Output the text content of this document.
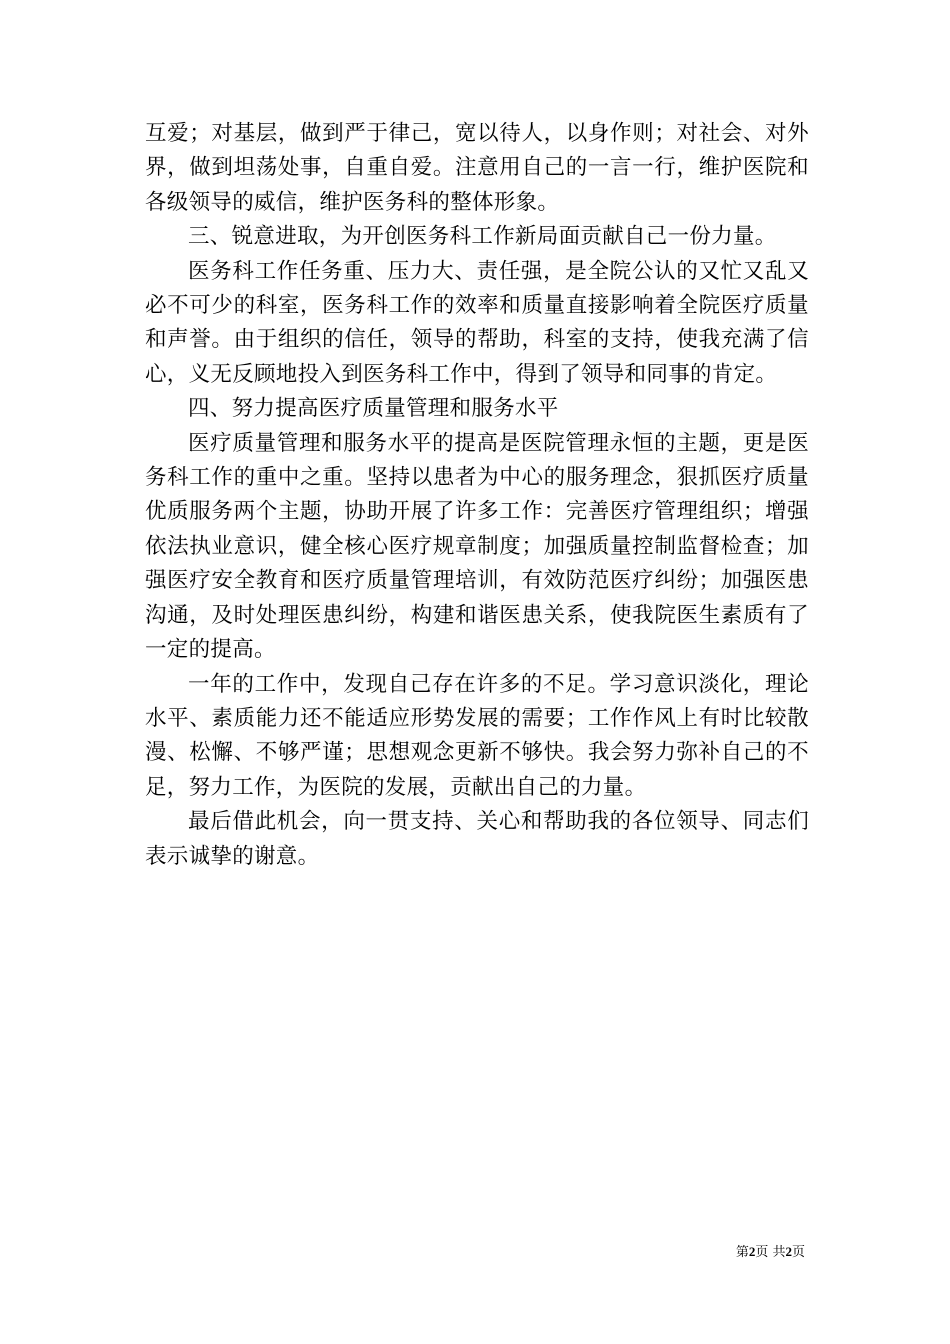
互爱；对基层，做到严于律己，宽以待人，以身作则；对社会、对外界，做到坦荡处事，自重自爱。注意用自己的一言一行，维护医院和各级领导的威信，维护医务科的整体形象。

三、锐意进取，为开创医务科工作新局面贡献自己一份力量。

医务科工作任务重、压力大、责任强，是全院公认的又忙又乱又必不可少的科室，医务科工作的效率和质量直接影响着全院医疗质量和声誉。由于组织的信任，领导的帮助，科室的支持，使我充满了信心，义无反顾地投入到医务科工作中，得到了领导和同事的肯定。

四、努力提高医疗质量管理和服务水平

医疗质量管理和服务水平的提高是医院管理永恒的主题，更是医务科工作的重中之重。坚持以患者为中心的服务理念，狠抓医疗质量优质服务两个主题，协助开展了许多工作：完善医疗管理组织；增强依法执业意识，健全核心医疗规章制度；加强质量控制监督检查；加强医疗安全教育和医疗质量管理培训，有效防范医疗纠纷；加强医患沟通，及时处理医患纠纷，构建和谐医患关系，使我院医生素质有了一定的提高。

一年的工作中，发现自己存在许多的不足。学习意识淡化，理论水平、素质能力还不能适应形势发展的需要；工作作风上有时比较散漫、松懈、不够严谨；思想观念更新不够快。我会努力弥补自己的不足，努力工作，为医院的发展，贡献出自己的力量。

最后借此机会，向一贯支持、关心和帮助我的各位领导、同志们表示诚挚的谢意。

第2页 共2页
